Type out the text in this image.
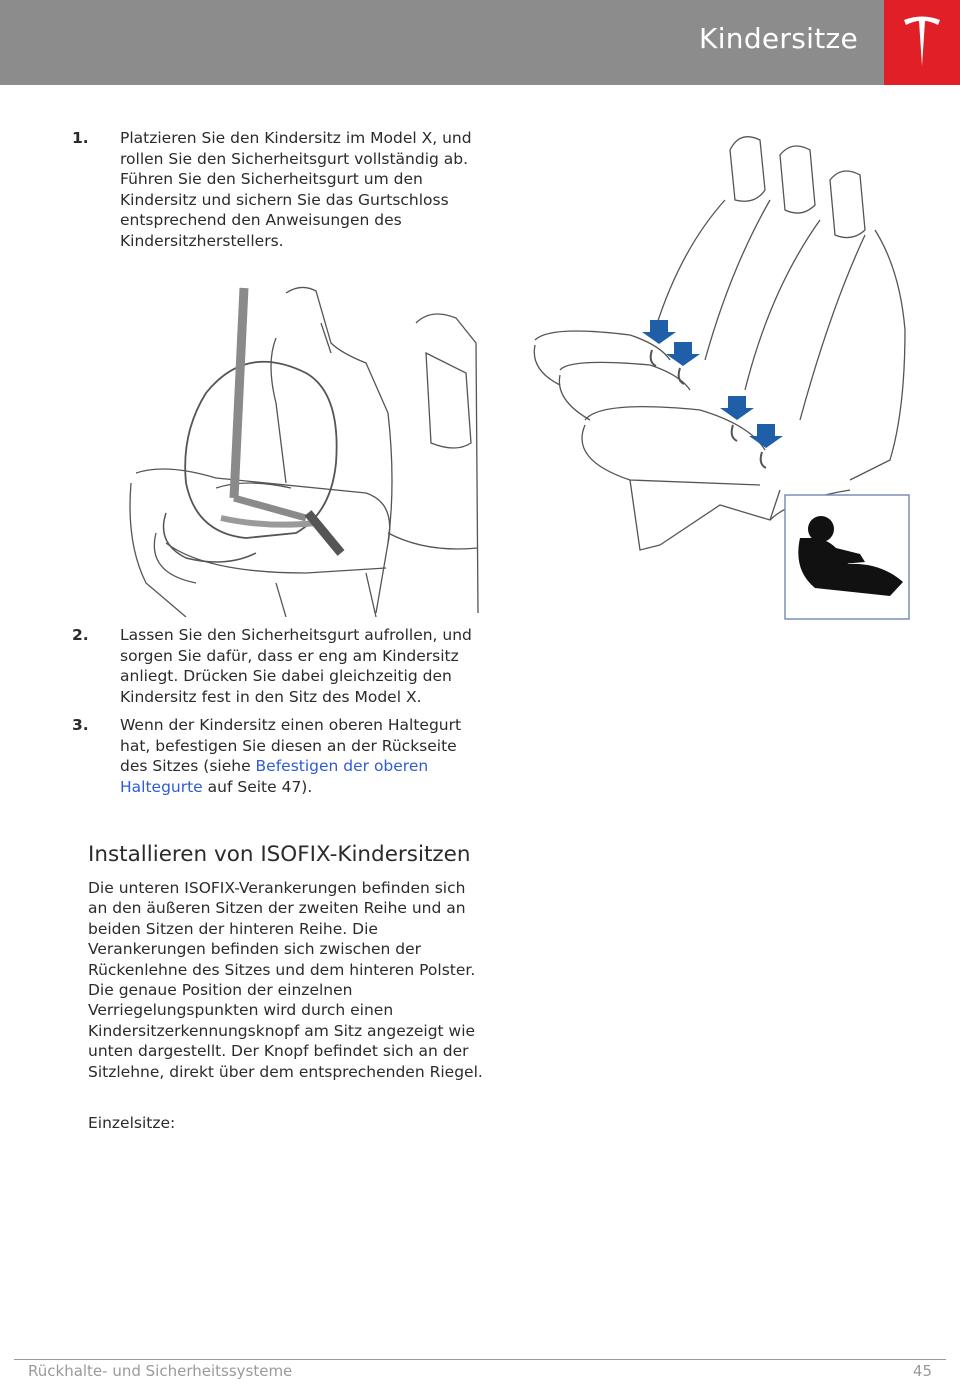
Kindersitze
1.	Platzieren Sie den Kindersitz im Model X, und rollen Sie den Sicherheitsgurt vollständig ab. Führen Sie den Sicherheitsgurt um den Kindersitz und sichern Sie das Gurtschloss entsprechend den Anweisungen des Kindersitzherstellers.
2.	Lassen Sie den Sicherheitsgurt aufrollen, und sorgen Sie dafür, dass er eng am Kindersitz anliegt. Drücken Sie dabei gleichzeitig den Kindersitz fest in den Sitz des Model X.
3.	Wenn der Kindersitz einen oberen Haltegurt hat, befestigen Sie diesen an der Rückseite des Sitzes (siehe Befestigen der oberen Haltegurte auf Seite 47).
Installieren von ISOFIX-Kindersitzen
Die unteren ISOFIX-Verankerungen befinden sich an den äußeren Sitzen der zweiten Reihe und an beiden Sitzen der hinteren Reihe. Die Verankerungen befinden sich zwischen der Rückenlehne des Sitzes und dem hinteren Polster. Die genaue Position der einzelnen Verriegelungspunkten wird durch einen Kindersitzerkennungsknopf am Sitz angezeigt wie unten dargestellt. Der Knopf befindet sich an der Sitzlehne, direkt über dem entsprechenden Riegel.
Einzelsitze:
Rückhalte- und Sicherheitssysteme	45
